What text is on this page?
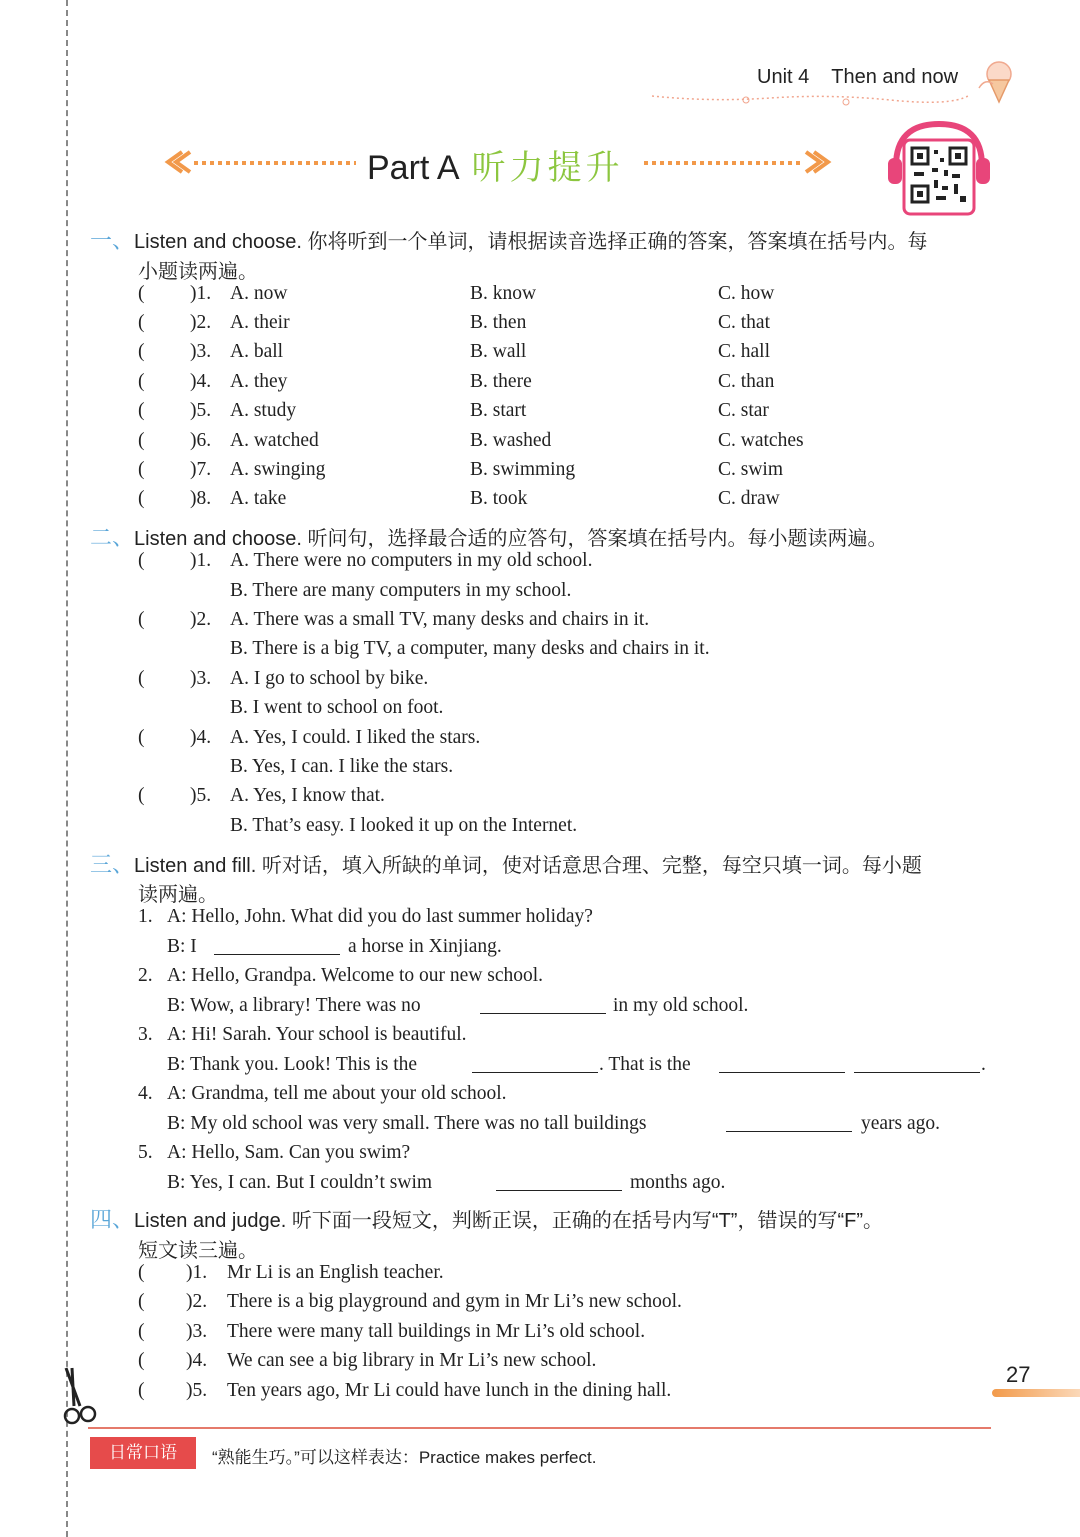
Unit 4 Then and now
Part A 听力提升
一、Listen and choose. 你将听到一个单词，请根据读音选择正确的答案，答案填在括号内。每
小题读两遍。
( )1. A. now	B. know	C. how
( )2. A. their	B. then	C. that
( )3. A. ball	B. wall	C. hall
( )4. A. they	B. there	C. than
( )5. A. study	B. start	C. star
( )6. A. watched	B. washed	C. watches
( )7. A. swinging	B. swimming	C. swim
( )8. A. take	B. took	C. draw
二、Listen and choose. 听问句，选择最合适的应答句，答案填在括号内。每小题读两遍。
( )1. A. There were no computers in my old school.
B. There are many computers in my school.
( )2. A. There was a small TV, many desks and chairs in it.
B. There is a big TV, a computer, many desks and chairs in it.
( )3. A. I go to school by bike.
B. I went to school on foot.
( )4. A. Yes, I could. I liked the stars.
B. Yes, I can. I like the stars.
( )5. A. Yes, I know that.
B. That’s easy. I looked it up on the Internet.
三、Listen and fill. 听对话，填入所缺的单词，使对话意思合理、完整，每空只填一词。每小题
读两遍。
1. A: Hello, John. What did you do last summer holiday?
B: I	a horse in Xinjiang.
2. A: Hello, Grandpa. Welcome to our new school.
B: Wow, a library! There was no	in my old school.
3. A: Hi! Sarah. Your school is beautiful.
B: Thank you. Look! This is the	. That is the	.
4. A: Grandma, tell me about your old school.
B: My old school was very small. There was no tall buildings	years ago.
5. A: Hello, Sam. Can you swim?
B: Yes, I can. But I couldn’t swim	months ago.
四、Listen and judge. 听下面一段短文，判断正误，正确的在括号内写“T”，错误的写“F”。
短文读三遍。
( )1. Mr Li is an English teacher.
( )2. There is a big playground and gym in Mr Li’s new school.
( )3. There were many tall buildings in Mr Li’s old school.
( )4. We can see a big library in Mr Li’s new school.
( )5. Ten years ago, Mr Li could have lunch in the dining hall.
27
日常口语	“熟能生巧。”可以这样表达：Practice makes perfect.
